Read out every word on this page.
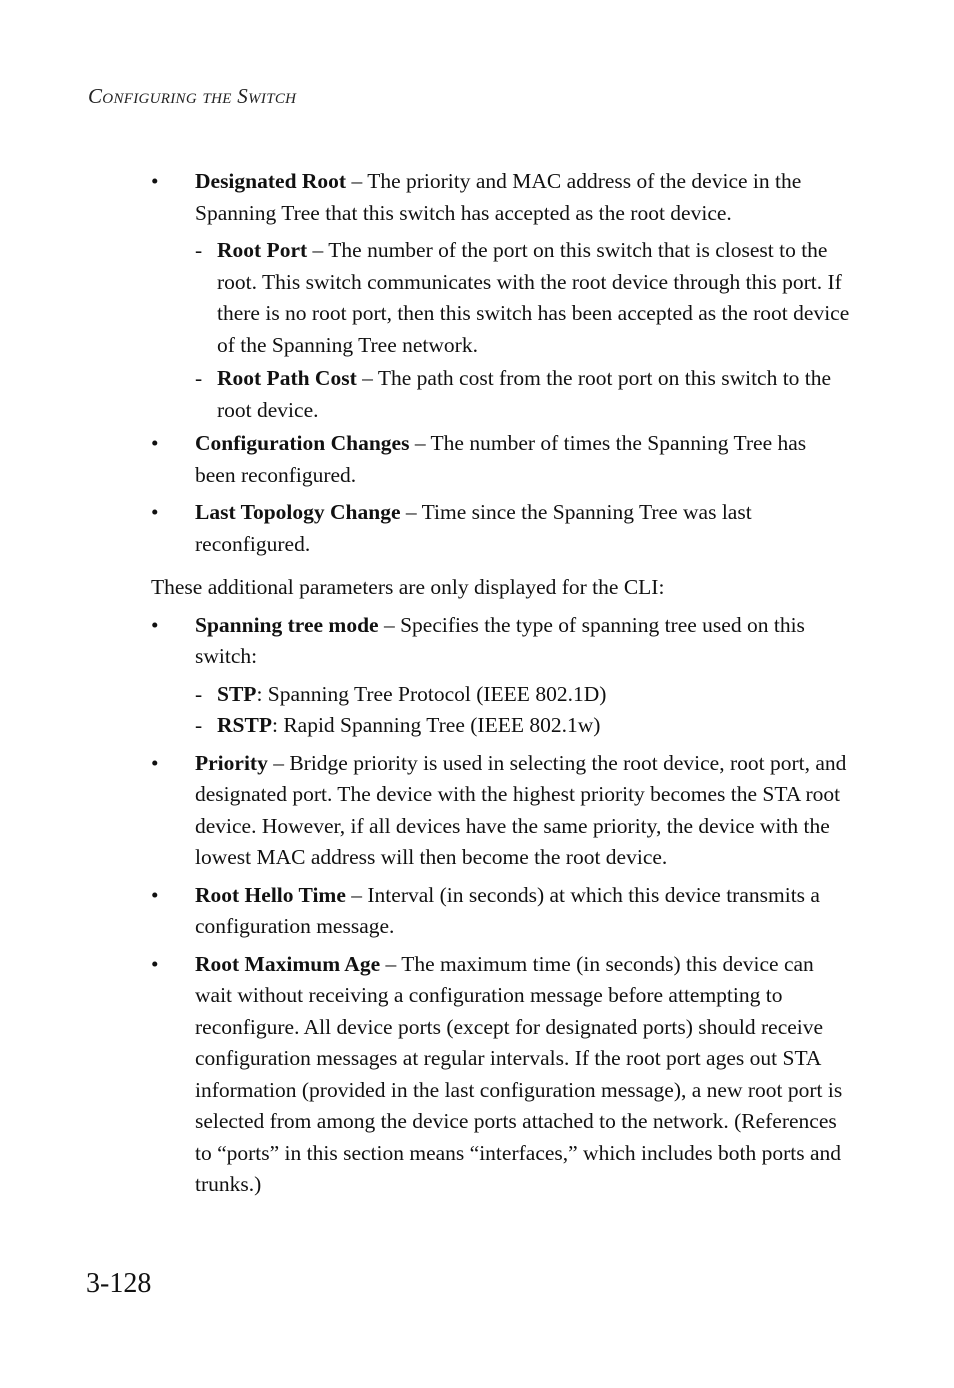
Configuring the Switch
•	Designated Root – The priority and MAC address of the device in the Spanning Tree that this switch has accepted as the root device.
- Root Port – The number of the port on this switch that is closest to the root. This switch communicates with the root device through this port. If there is no root port, then this switch has been accepted as the root device of the Spanning Tree network.
- Root Path Cost – The path cost from the root port on this switch to the root device.
•	Configuration Changes – The number of times the Spanning Tree has been reconfigured.
•	Last Topology Change – Time since the Spanning Tree was last reconfigured.

These additional parameters are only displayed for the CLI:

•	Spanning tree mode – Specifies the type of spanning tree used on this switch:
- STP: Spanning Tree Protocol (IEEE 802.1D)
- RSTP: Rapid Spanning Tree (IEEE 802.1w)
•	Priority – Bridge priority is used in selecting the root device, root port, and designated port. The device with the highest priority becomes the STA root device. However, if all devices have the same priority, the device with the lowest MAC address will then become the root device.
•	Root Hello Time – Interval (in seconds) at which this device transmits a configuration message.
•	Root Maximum Age – The maximum time (in seconds) this device can wait without receiving a configuration message before attempting to reconfigure. All device ports (except for designated ports) should receive configuration messages at regular intervals. If the root port ages out STA information (provided in the last configuration message), a new root port is selected from among the device ports attached to the network. (References to “ports” in this section means “interfaces,” which includes both ports and trunks.)
3-128
